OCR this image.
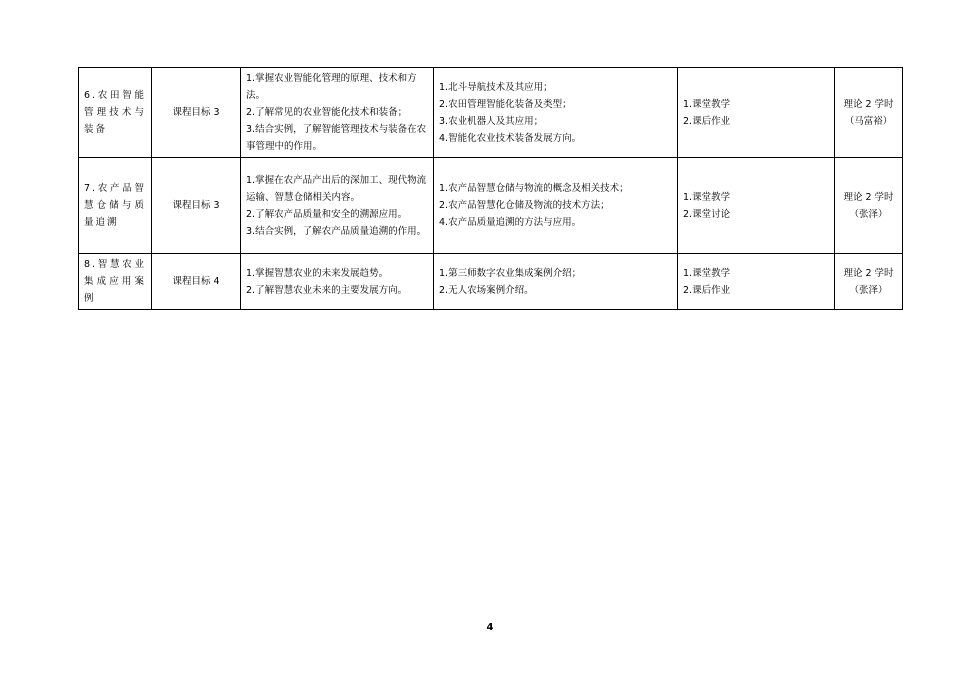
6.农田智能管理技术与装备	课程目标 3	1.掌握农业智能化管理的原理、技术和方法。
2.了解常见的农业智能化技术和装备；
3.结合实例，了解智能管理技术与装备在农事管理中的作用。	1.北斗导航技术及其应用；
2.农田管理智能化装备及类型；
3.农业机器人及其应用；
4.智能化农业技术装备发展方向。	1.课堂教学
2.课后作业	理论 2 学时
（马富裕）

7.农产品智慧仓储与质量追溯	课程目标 3	1.掌握在农产品产出后的深加工、现代物流运输、智慧仓储相关内容。
2.了解农产品质量和安全的溯源应用。
3.结合实例，了解农产品质量追溯的作用。	1.农产品智慧仓储与物流的概念及相关技术；
2.农产品智慧化仓储及物流的技术方法；
4.农产品质量追溯的方法与应用。	1.课堂教学
2.课堂讨论	理论 2 学时
（张泽）

8.智慧农业集成应用案例	课程目标 4	1.掌握智慧农业的未来发展趋势。
2.了解智慧农业未来的主要发展方向。	1.第三师数字农业集成案例介绍；
2.无人农场案例介绍。	1.课堂教学
2.课后作业	理论 2 学时
（张泽）
4
